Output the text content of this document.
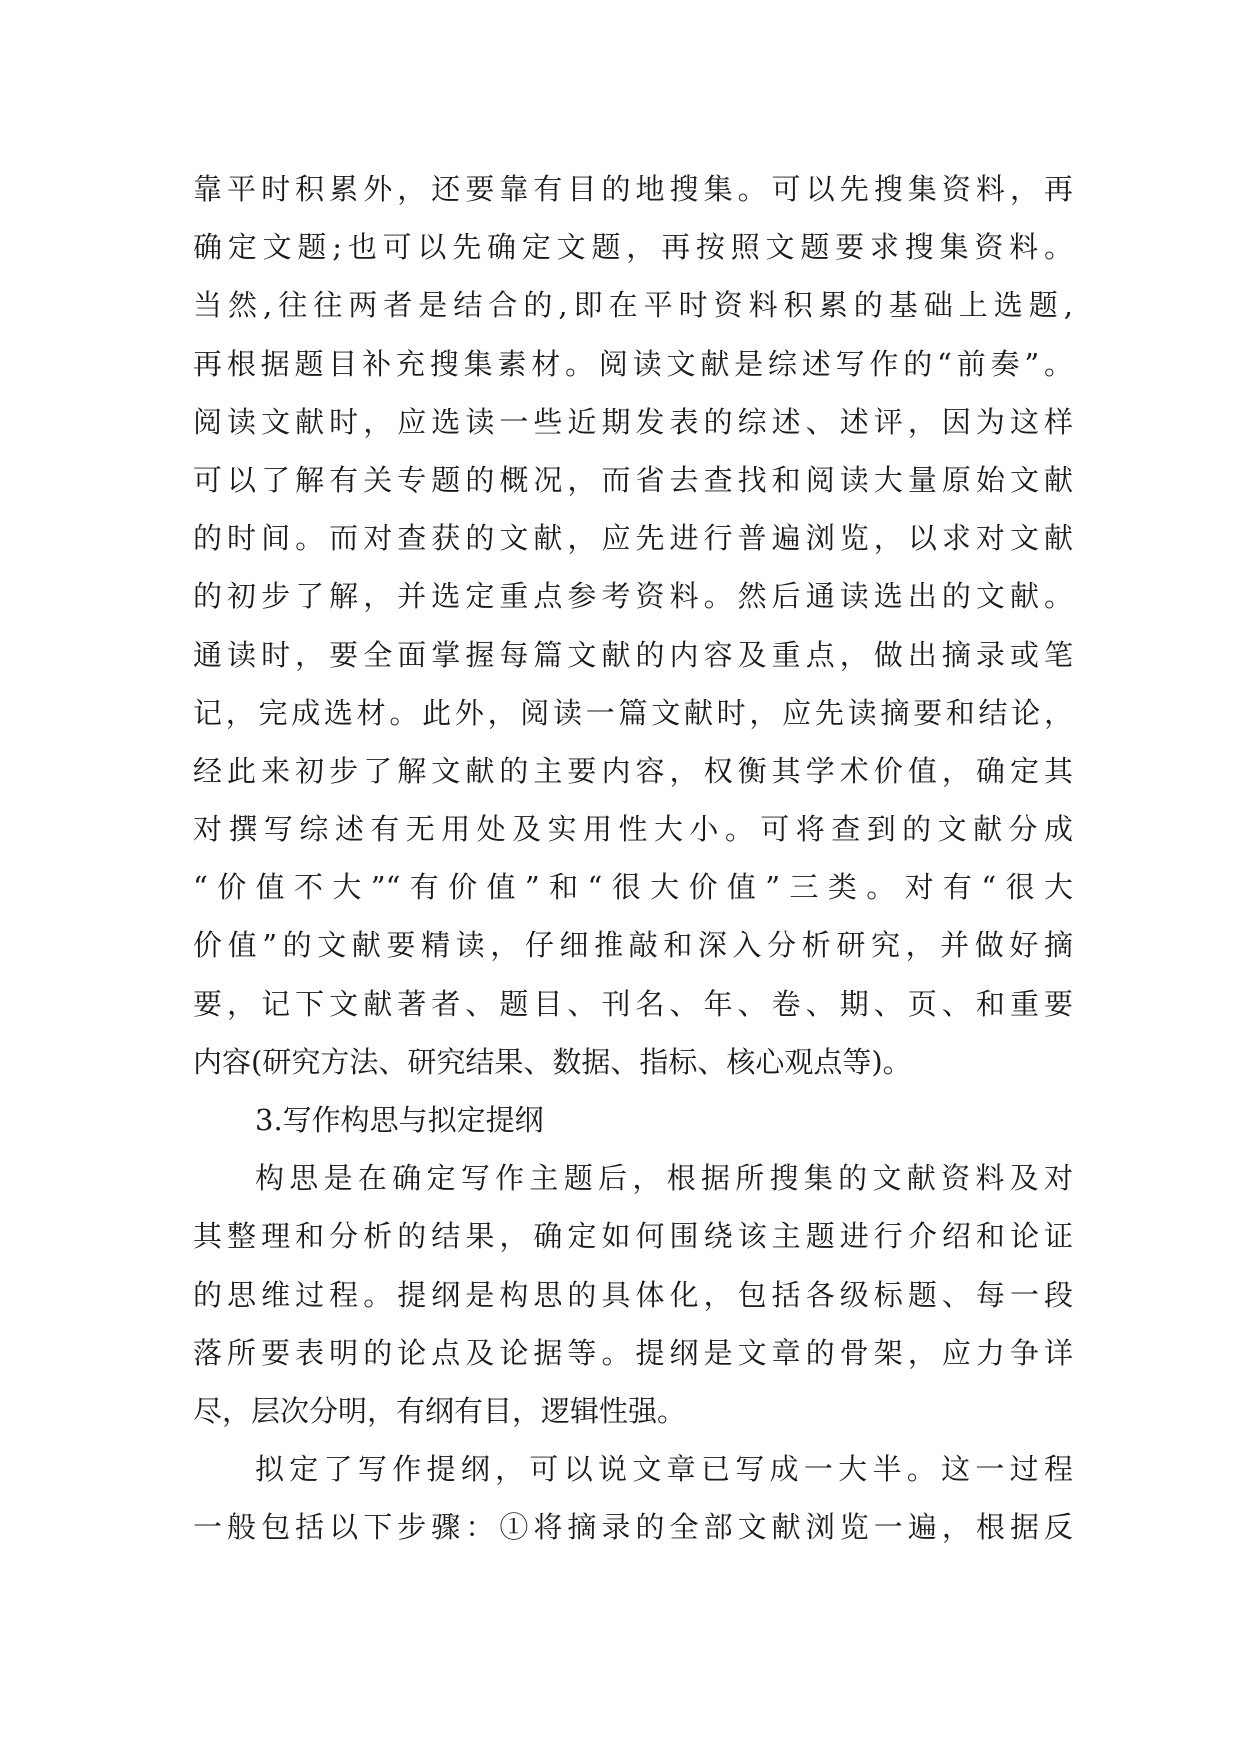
靠平时积累外，还要靠有目的地搜集。可以先搜集资料，再
确定文题;也可以先确定文题，再按照文题要求搜集资料。
当然,往往两者是结合的,即在平时资料积累的基础上选题,
再根据题目补充搜集素材。阅读文献是综述写作的“前奏”。
阅读文献时，应选读一些近期发表的综述、述评，因为这样
可以了解有关专题的概况，而省去查找和阅读大量原始文献
的时间。而对查获的文献，应先进行普遍浏览，以求对文献
的初步了解，并选定重点参考资料。然后通读选出的文献。
通读时，要全面掌握每篇文献的内容及重点，做出摘录或笔
记，完成选材。此外，阅读一篇文献时，应先读摘要和结论，
经此来初步了解文献的主要内容，权衡其学术价值，确定其
对撰写综述有无用处及实用性大小。可将查到的文献分成
“价值不大”“有价值”和“很大价值”三类。对有“很大
价值”的文献要精读，仔细推敲和深入分析研究，并做好摘
要，记下文献著者、题目、刊名、年、卷、期、页、和重要
内容(研究方法、研究结果、数据、指标、核心观点等)。
3.写作构思与拟定提纲
构思是在确定写作主题后，根据所搜集的文献资料及对
其整理和分析的结果，确定如何围绕该主题进行介绍和论证
的思维过程。提纲是构思的具体化，包括各级标题、每一段
落所要表明的论点及论据等。提纲是文章的骨架，应力争详
尽，层次分明，有纲有目，逻辑性强。
拟定了写作提纲，可以说文章已写成一大半。这一过程
一般包括以下步骤：①将摘录的全部文献浏览一遍，根据反
